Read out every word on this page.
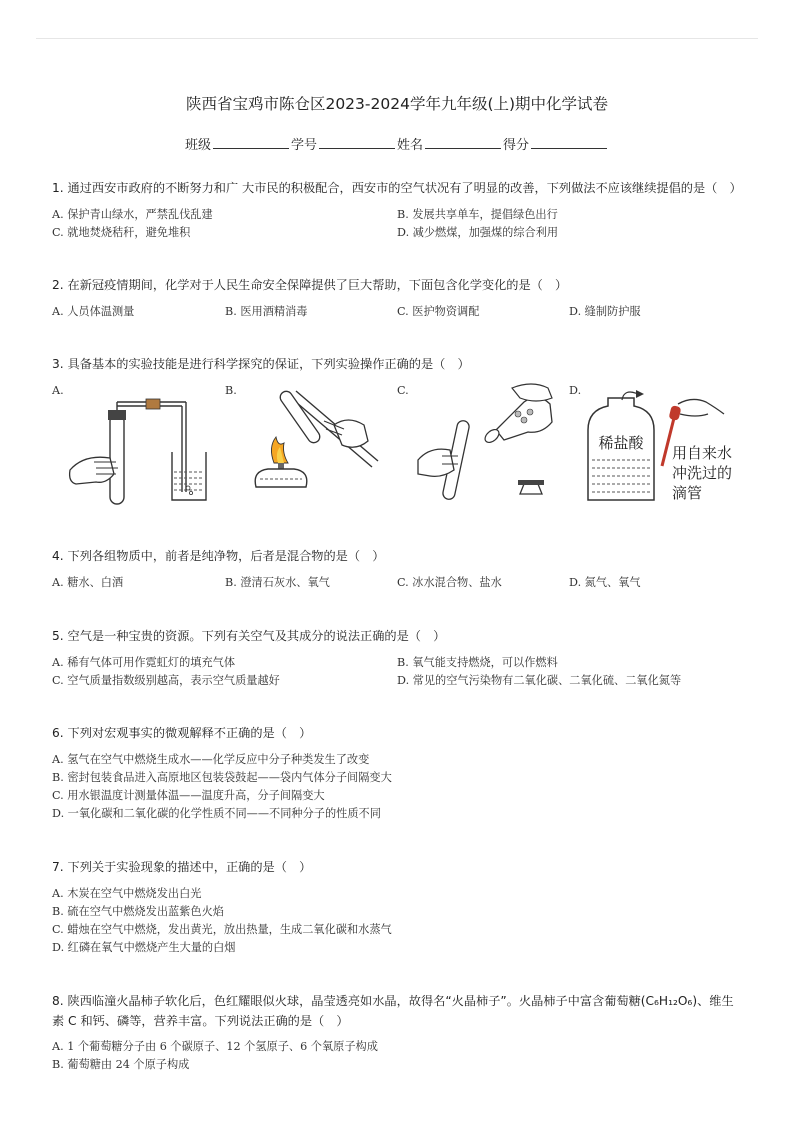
陕西省宝鸡市陈仓区2023-2024学年九年级(上)期中化学试卷
班级	学号	姓名	得分
1. 通过西安市政府的不断努力和广 大市民的积极配合，西安市的空气状况有了明显的改善，下列做法不应该继续提倡的是（　）
A. 保护青山绿水，严禁乱伐乱建	B. 发展共享单车，提倡绿色出行
C. 就地焚烧秸秆，避免堆积	D. 减少燃煤，加强煤的综合利用
2. 在新冠疫情期间，化学对于人民生命安全保障提供了巨大帮助，下面包含化学变化的是（　）
A. 人员体温测量	B. 医用酒精消毒	C. 医护物资调配	D. 缝制防护服
3. 具备基本的实验技能是进行科学探究的保证，下列实验操作正确的是（　）
A.	B.	C.	D.
稀盐酸
用自来水
冲洗过的
滴管
4. 下列各组物质中，前者是纯净物，后者是混合物的是（　）
A. 糖水、白酒	B. 澄清石灰水、氧气	C. 冰水混合物、盐水	D. 氮气、氧气
5. 空气是一种宝贵的资源。下列有关空气及其成分的说法正确的是（　）
A. 稀有气体可用作霓虹灯的填充气体	B. 氧气能支持燃烧，可以作燃料
C. 空气质量指数级别越高，表示空气质量越好	D. 常见的空气污染物有二氧化碳、二氧化硫、二氧化氮等
6. 下列对宏观事实的微观解释不正确的是（　）
A. 氢气在空气中燃烧生成水——化学反应中分子种类发生了改变
B. 密封包装食品进入高原地区包装袋鼓起——袋内气体分子间隔变大
C. 用水银温度计测量体温——温度升高，分子间隔变大
D. 一氧化碳和二氧化碳的化学性质不同——不同种分子的性质不同
7. 下列关于实验现象的描述中，正确的是（　）
A. 木炭在空气中燃烧发出白光
B. 硫在空气中燃烧发出蓝紫色火焰
C. 蜡烛在空气中燃烧，发出黄光，放出热量，生成二氧化碳和水蒸气
D. 红磷在氧气中燃烧产生大量的白烟
8. 陕西临潼火晶柿子软化后，色红耀眼似火球，晶莹透亮如水晶，故得名“火晶柿子”。火晶柿子中富含葡萄糖(C₆H₁₂O₆)、维生
素 C 和钙、磷等，营养丰富。下列说法正确的是（　）
A. 1 个葡萄糖分子由 6 个碳原子、12 个氢原子、6 个氧原子构成
B. 葡萄糖由 24 个原子构成
